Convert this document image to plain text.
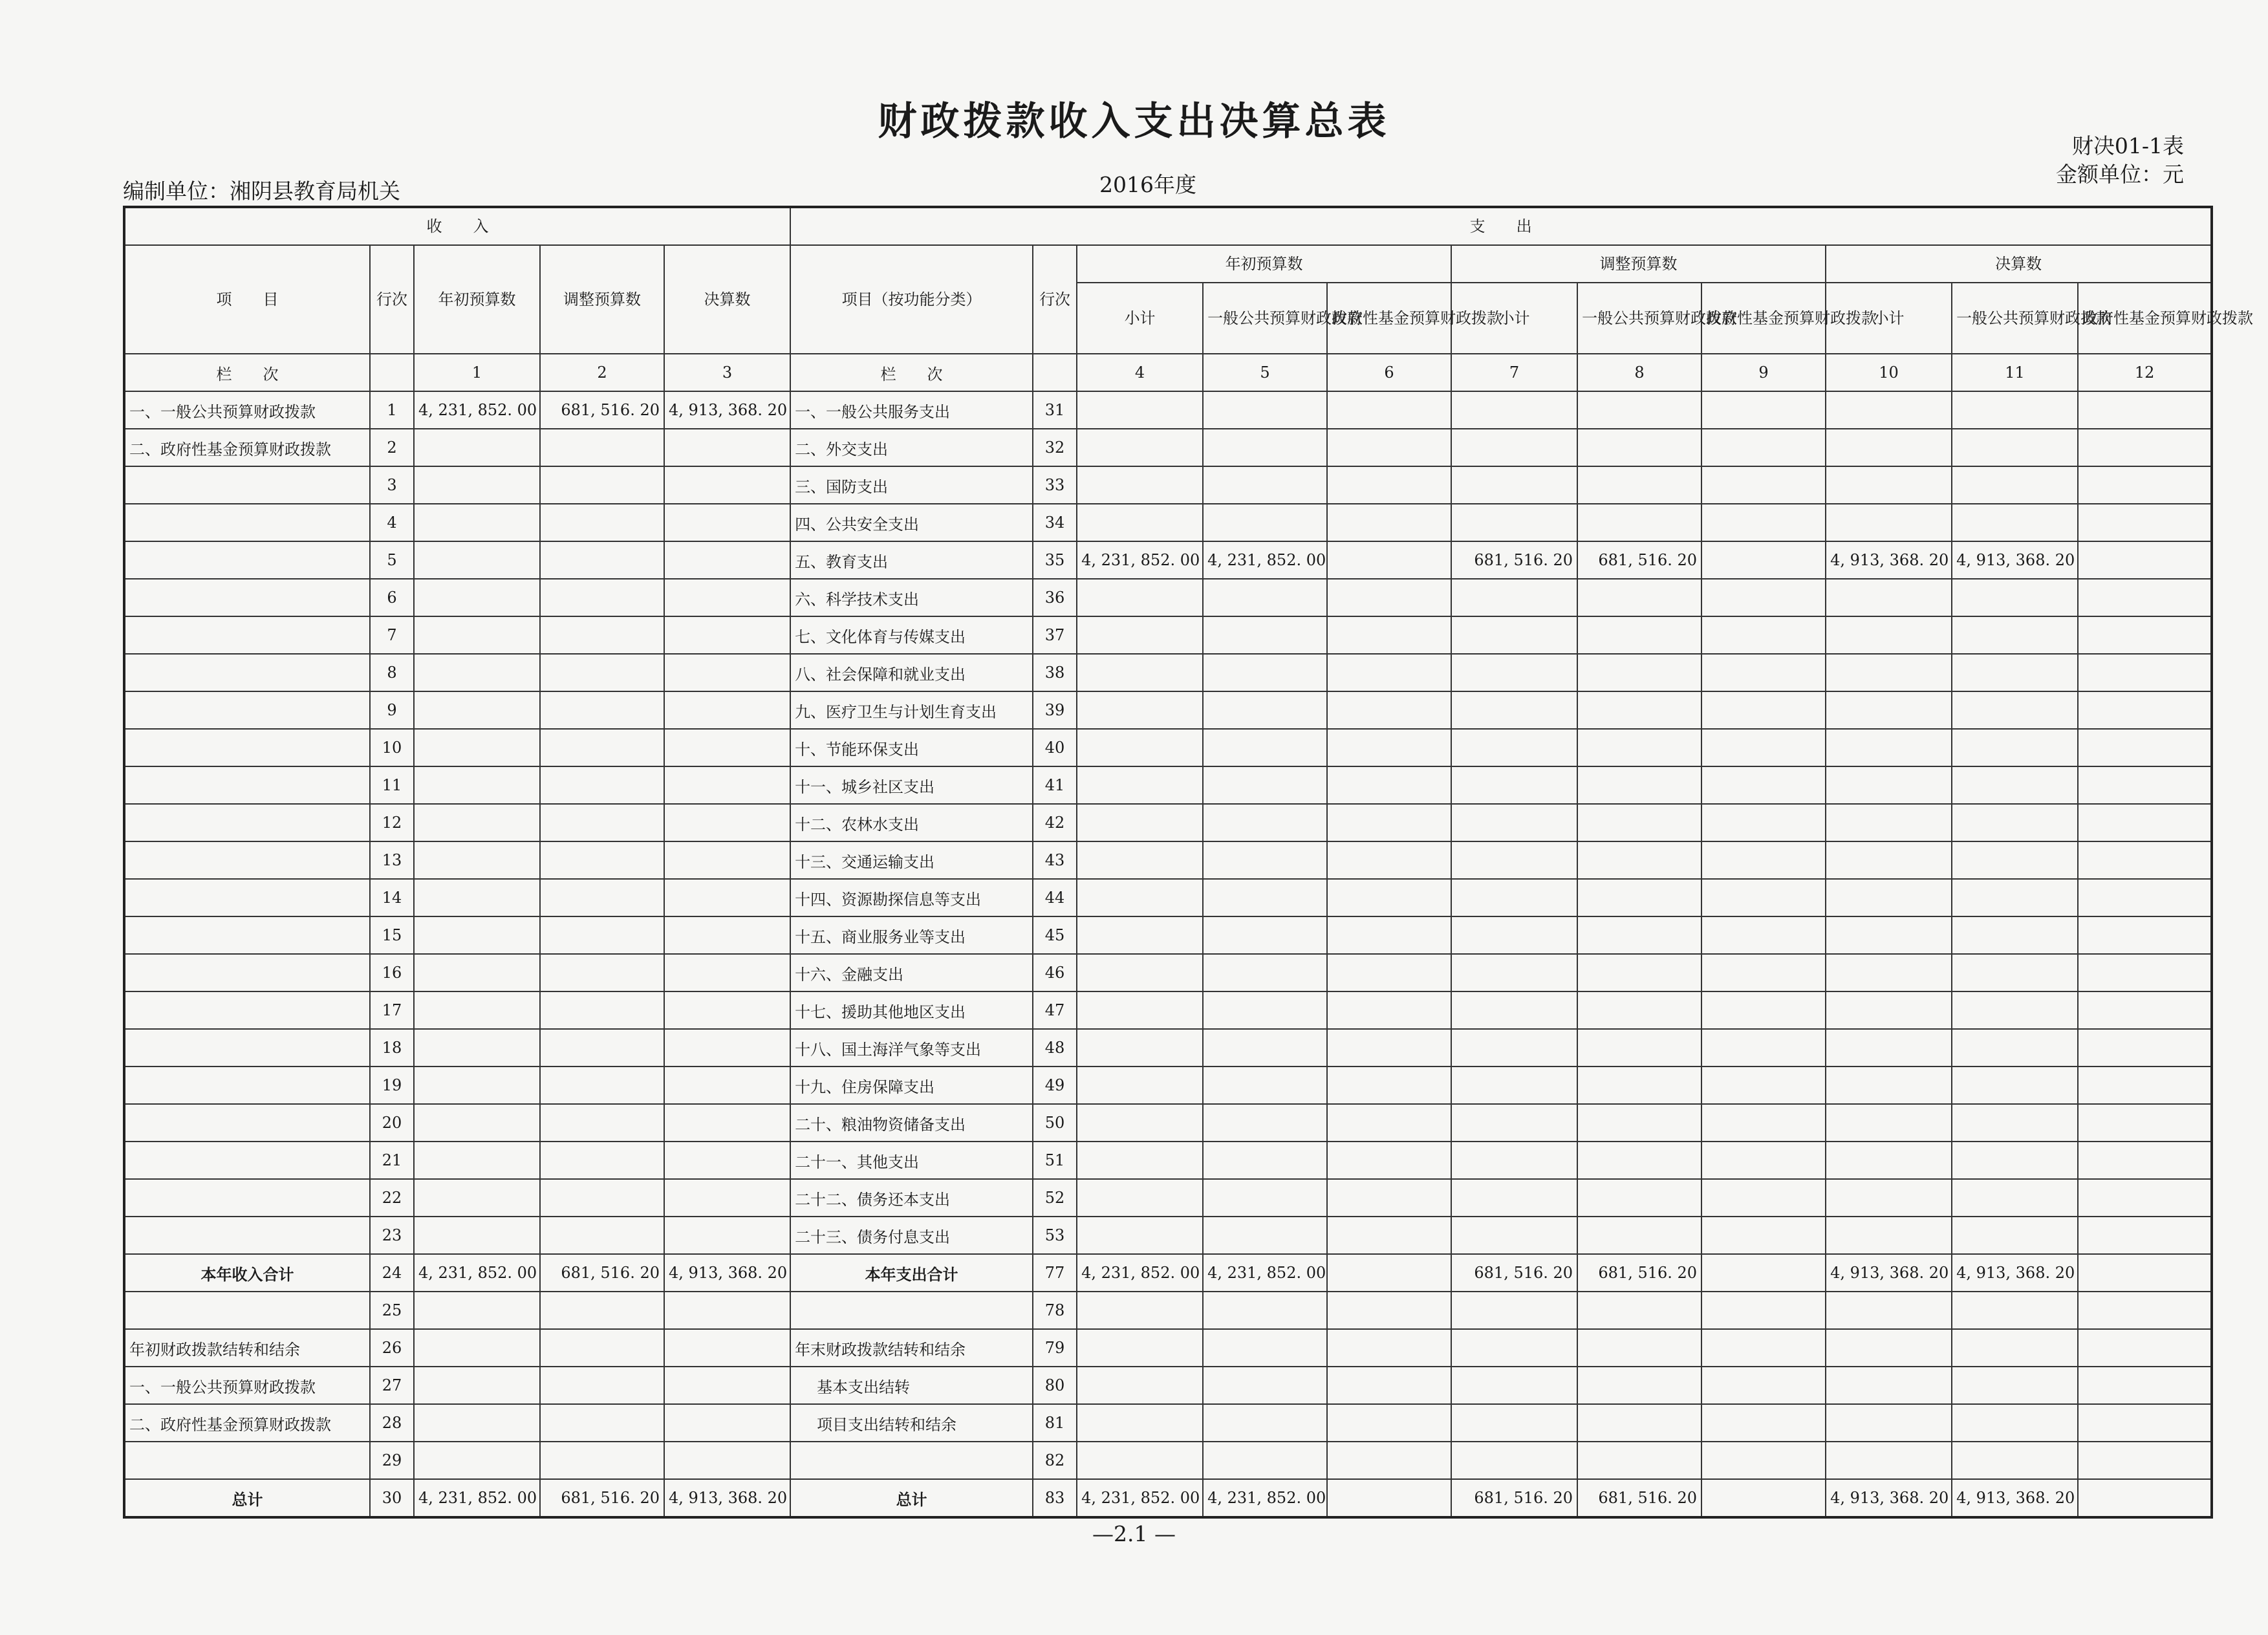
财政拨款收入支出决算总表
财决01-1表
金额单位：元
编制单位：湘阴县教育局机关	2016年度
收　　入					支　　出										
项　　目	行次	年初预算数	调整预算数	决算数	项目（按功能分类）	行次	年初预算数			调整预算数			决算数		
							小计	一般公共预算财政拨款	政府性基金预算财政拨款	小计	一般公共预算财政拨款	政府性基金预算财政拨款	小计	一般公共预算财政拨款	政府性基金预算财政拨款
栏　　次		1	2	3	栏　　次		4	5	6	7	8	9	10	11	12
一、一般公共预算财政拨款	1	4, 231, 852. 00	681, 516. 20	4, 913, 368. 20	一、一般公共服务支出	31									
二、政府性基金预算财政拨款	2				二、外交支出	32									
	3				三、国防支出	33									
	4				四、公共安全支出	34									
	5				五、教育支出	35	4, 231, 852. 00	4, 231, 852. 00		681, 516. 20	681, 516. 20		4, 913, 368. 20	4, 913, 368. 20	
	6				六、科学技术支出	36									
	7				七、文化体育与传媒支出	37									
	8				八、社会保障和就业支出	38									
	9				九、医疗卫生与计划生育支出	39									
	10				十、节能环保支出	40									
	11				十一、城乡社区支出	41									
	12				十二、农林水支出	42									
	13				十三、交通运输支出	43									
	14				十四、资源勘探信息等支出	44									
	15				十五、商业服务业等支出	45									
	16				十六、金融支出	46									
	17				十七、援助其他地区支出	47									
	18				十八、国土海洋气象等支出	48									
	19				十九、住房保障支出	49									
	20				二十、粮油物资储备支出	50									
	21				二十一、其他支出	51									
	22				二十二、债务还本支出	52									
	23				二十三、债务付息支出	53									
本年收入合计	24	4, 231, 852. 00	681, 516. 20	4, 913, 368. 20	本年支出合计	77	4, 231, 852. 00	4, 231, 852. 00		681, 516. 20	681, 516. 20		4, 913, 368. 20	4, 913, 368. 20	
	25					78									
年初财政拨款结转和结余	26				年末财政拨款结转和结余	79									
一、一般公共预算财政拨款	27				基本支出结转	80									
二、政府性基金预算财政拨款	28				项目支出结转和结余	81									
	29					82									
总计	30	4, 231, 852. 00	681, 516. 20	4, 913, 368. 20	总计	83	4, 231, 852. 00	4, 231, 852. 00		681, 516. 20	681, 516. 20		4, 913, 368. 20	4, 913, 368. 20	
—2.1 —
